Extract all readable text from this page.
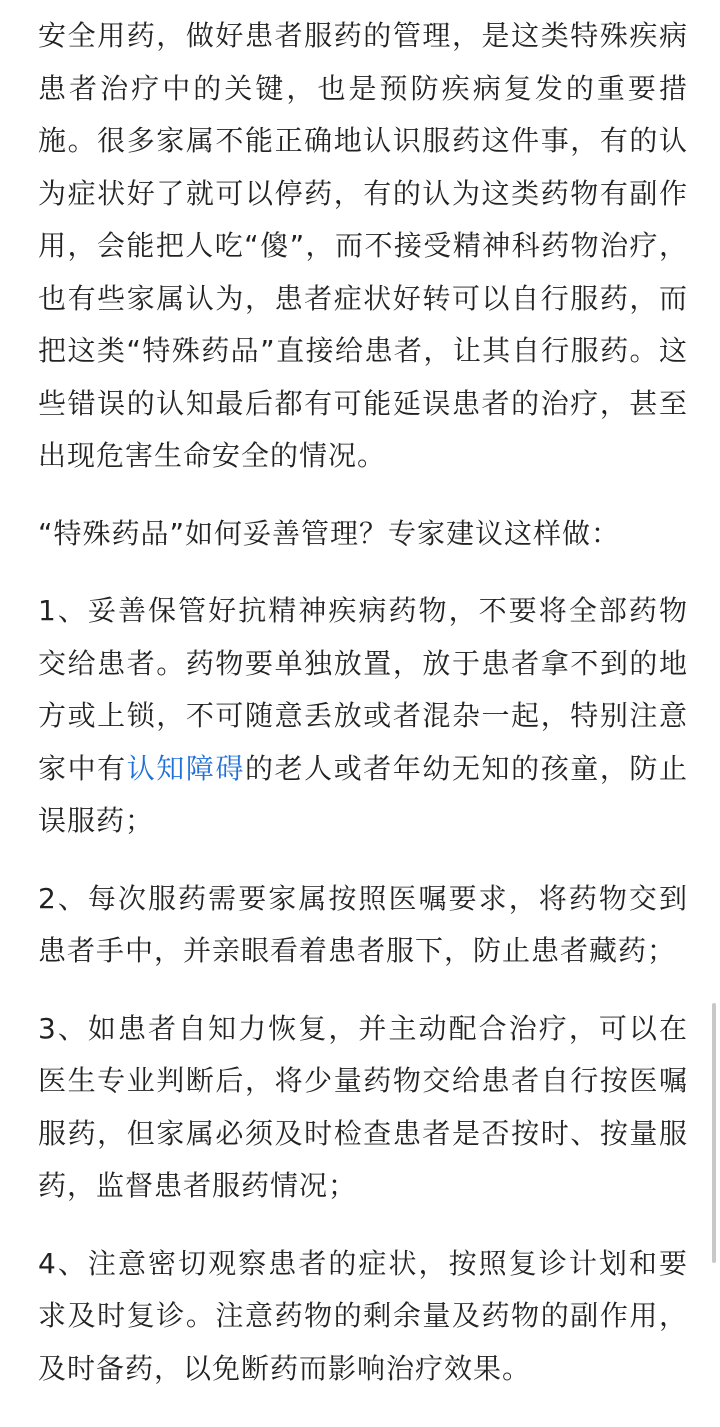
安全用药，做好患者服药的管理，是这类特殊疾病患者治疗中的关键，也是预防疾病复发的重要措施。很多家属不能正确地认识服药这件事，有的认为症状好了就可以停药，有的认为这类药物有副作用，会能把人吃“傻”，而不接受精神科药物治疗，也有些家属认为，患者症状好转可以自行服药，而把这类“特殊药品”直接给患者，让其自行服药。这些错误的认知最后都有可能延误患者的治疗，甚至出现危害生命安全的情况。

“特殊药品”如何妥善管理？专家建议这样做：

1、妥善保管好抗精神疾病药物，不要将全部药物交给患者。药物要单独放置，放于患者拿不到的地方或上锁，不可随意丢放或者混杂一起，特别注意家中有认知障碍的老人或者年幼无知的孩童，防止误服药；

2、每次服药需要家属按照医嘱要求，将药物交到患者手中，并亲眼看着患者服下，防止患者藏药；

3、如患者自知力恢复，并主动配合治疗，可以在医生专业判断后，将少量药物交给患者自行按医嘱服药，但家属必须及时检查患者是否按时、按量服药，监督患者服药情况；

4、注意密切观察患者的症状，按照复诊计划和要求及时复诊。注意药物的剩余量及药物的副作用，及时备药，以免断药而影响治疗效果。
